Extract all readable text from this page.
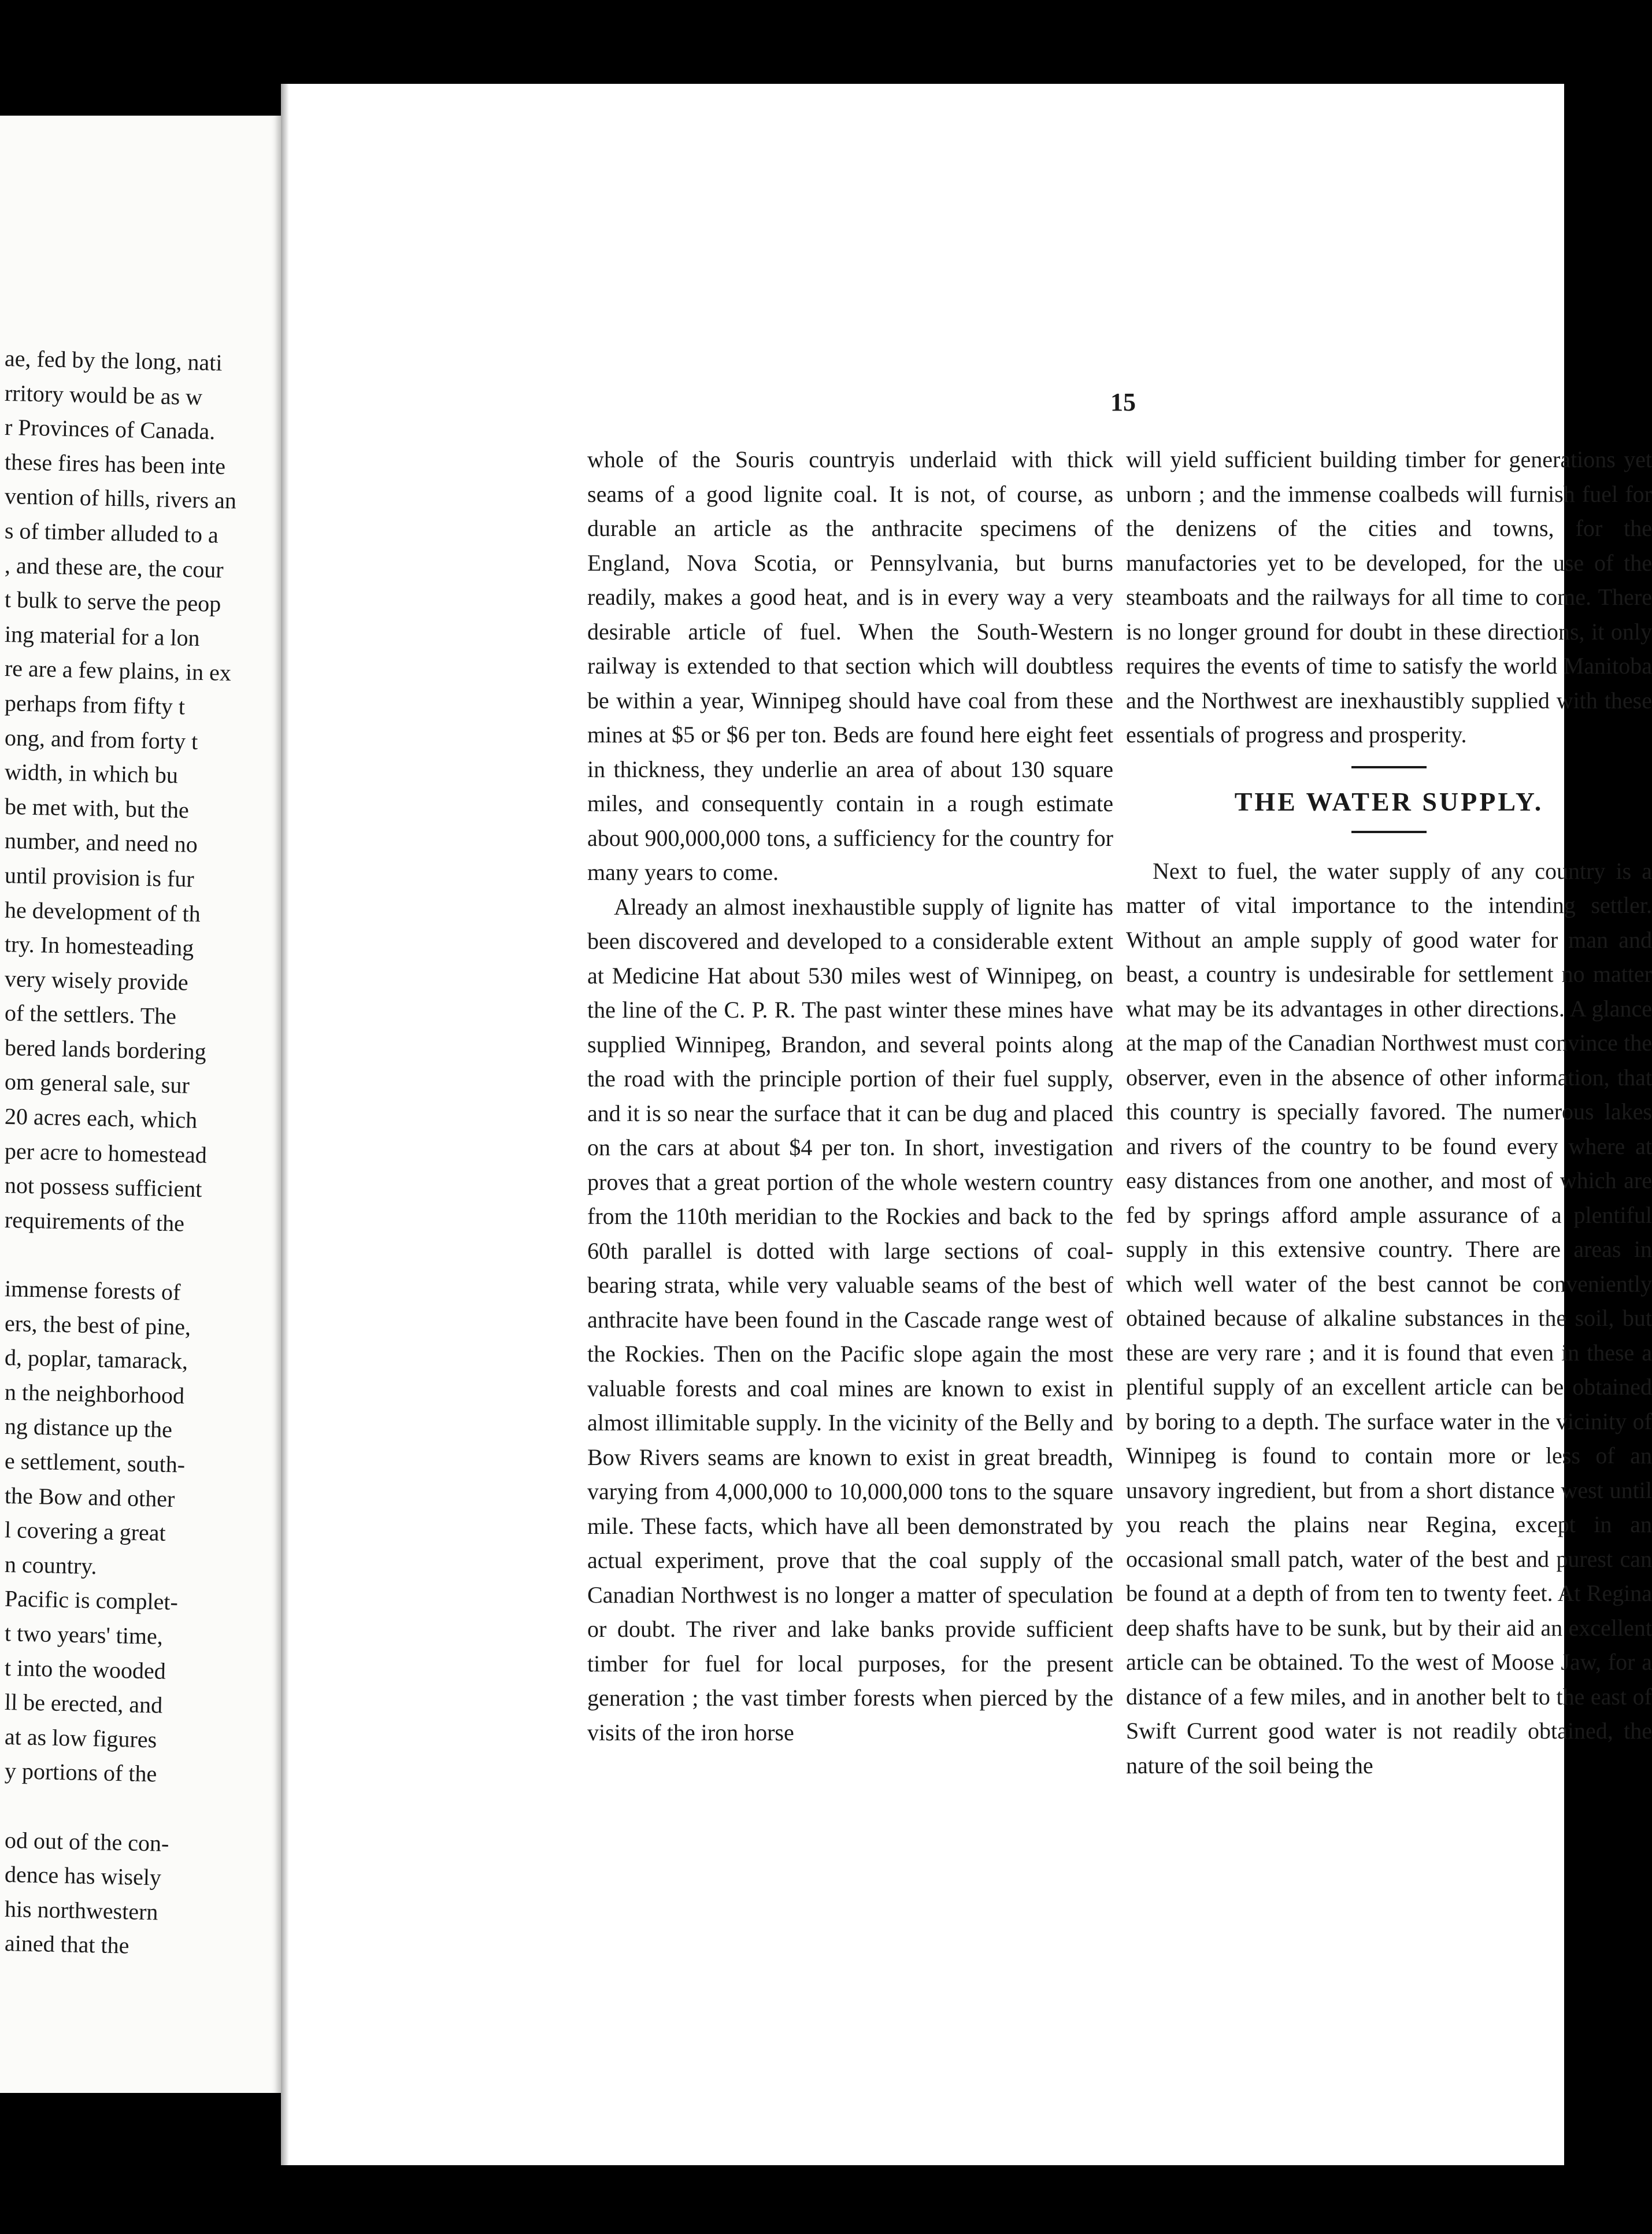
ae, fed by the long, nati
rritory would be as w
r Provinces of Canada.
these fires has been inte
vention of hills, rivers an
s of timber alluded to a
, and these are, the cour
t bulk to serve the peop
ing material for a lon
re are a few plains, in ex
perhaps from fifty t
ong, and from forty t
width, in which bu
be met with, but the
number, and need no
until provision is fur
he development of th
try. In homesteading
very wisely provide
of the settlers. The
bered lands bordering
om general sale, sur
20 acres each, which
per acre to homestead
not possess sufficient
requirements of the
immense forests of
ers, the best of pine,
d, poplar, tamarack,
n the neighborhood
ng distance up the
e settlement, south-
the Bow and other
l covering a great
n country.
Pacific is complet-
t two years' time,
t into the wooded
ll be erected, and
at as low figures
y portions of the
od out of the con-
dence has wisely
his northwestern
ained that the
15

whole of the Souris countryis underlaid with thick seams of a good lignite coal. It is not, of course, as durable an article as the anthracite specimens of England, Nova Scotia, or Pennsylvania, but burns readily, makes a good heat, and is in every way a very desirable article of fuel. When the South-Western railway is extended to that section which will doubtless be within a year, Winnipeg should have coal from these mines at $5 or $6 per ton. Beds are found here eight feet in thickness, they underlie an area of about 130 square miles, and consequently contain in a rough estimate about 900,000,000 tons, a sufficiency for the country for many years to come.

Already an almost inexhaustible supply of lignite has been discovered and developed to a considerable extent at Medicine Hat about 530 miles west of Winnipeg, on the line of the C. P. R. The past winter these mines have supplied Winnipeg, Brandon, and several points along the road with the principle portion of their fuel supply, and it is so near the surface that it can be dug and placed on the cars at about $4 per ton. In short, investigation proves that a great portion of the whole western country from the 110th meridian to the Rockies and back to the 60th parallel is dotted with large sections of coal-bearing strata, while very valuable seams of the best of anthracite have been found in the Cascade range west of the Rockies. Then on the Pacific slope again the most valuable forests and coal mines are known to exist in almost illimitable supply. In the vicinity of the Belly and Bow Rivers seams are known to exist in great breadth, varying from 4,000,000 to 10,000,000 tons to the square mile. These facts, which have all been demonstrated by actual experiment, prove that the coal supply of the Canadian Northwest is no longer a matter of speculation or doubt. The river and lake banks provide sufficient timber for fuel for local purposes, for the present generation ; the vast timber forests when pierced by the visits of the iron horse

will yield sufficient building timber for generations yet unborn ; and the immense coalbeds will furnish fuel for the denizens of the cities and towns, for the manufactories yet to be developed, for the use of the steamboats and the railways for all time to come. There is no longer ground for doubt in these directions, it only requires the events of time to satisfy the world Manitoba and the Northwest are inexhaustibly supplied with these essentials of progress and prosperity.

THE WATER SUPPLY.

Next to fuel, the water supply of any country is a matter of vital importance to the intending settler. Without an ample supply of good water for man and beast, a country is undesirable for settlement no matter what may be its advantages in other directions. A glance at the map of the Canadian Northwest must convince the observer, even in the absence of other information, that this country is specially favored. The numerous lakes and rivers of the country to be found every where at easy distances from one another, and most of which are fed by springs afford ample assurance of a plentiful supply in this extensive country. There are areas in which well water of the best cannot be conveniently obtained because of alkaline substances in the soil, but these are very rare ; and it is found that even in these a plentiful supply of an excellent article can be obtained by boring to a depth. The surface water in the vicinity of Winnipeg is found to contain more or less of an unsavory ingredient, but from a short distance west until you reach the plains near Regina, except in an occasional small patch, water of the best and purest can be found at a depth of from ten to twenty feet. At Regina deep shafts have to be sunk, but by their aid an excellent article can be obtained. To the west of Moose Jaw, for a distance of a few miles, and in another belt to the east of Swift Current good water is not readily obtained, the nature of the soil being the
